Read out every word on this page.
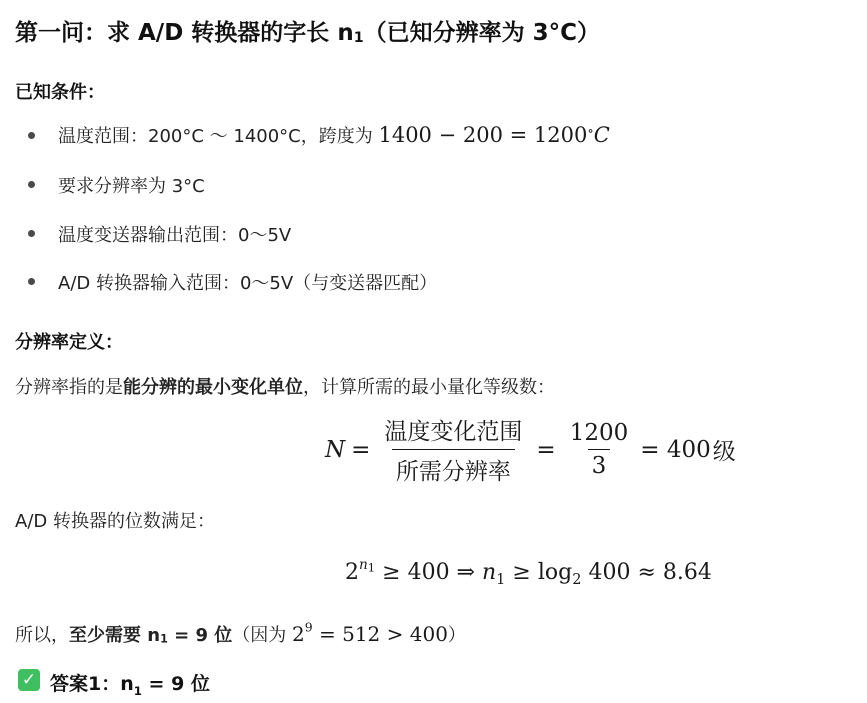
第一问：求 A/D 转换器的字长 $n_1$（已知分辨率为 3°C）
已知条件：
温度范围：200°C ～ 1400°C，跨度为 1400 − 200 = 1200∘C
要求分辨率为 3°C
温度变送器输出范围：0～5V
A/D 转换器输入范围：0～5V（与变送器匹配）
分辨率定义：
分辨率指的是能分辨的最小变化单位，计算所需的最小量化等级数：
$N = \frac{\text{温度变化范围}}{\text{所需分辨率}} = \frac{1200}{3} = 400$ 级
A/D 转换器的位数满足：
$2^{n_1} \ge 400$ ⇒ $n_1 \ge \log_2 400 \approx 8.64$
所以，至少需要 $n_1 = 9$ 位（因为 $2^9 = 512 > 400$）
✓ 答案1：$n_1 = 9$ 位
